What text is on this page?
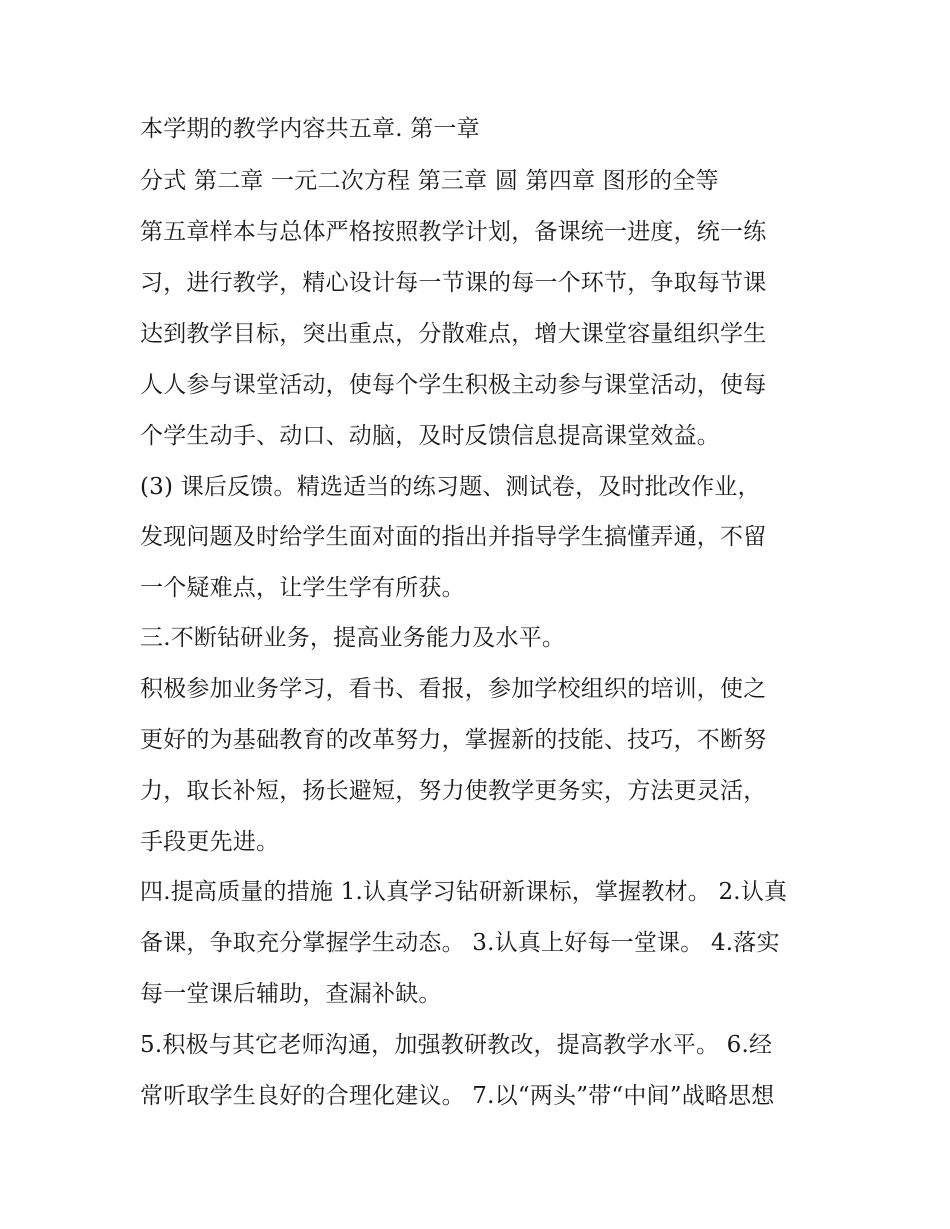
本学期的教学内容共五章. 第一章
分式 第二章 一元二次方程 第三章 圆 第四章 图形的全等
第五章样本与总体严格按照教学计划，备课统一进度，统一练
习，进行教学，精心设计每一节课的每一个环节，争取每节课
达到教学目标，突出重点，分散难点，增大课堂容量组织学生
人人参与课堂活动，使每个学生积极主动参与课堂活动，使每
个学生动手、动口、动脑，及时反馈信息提高课堂效益。
(3) 课后反馈。精选适当的练习题、测试卷，及时批改作业，
发现问题及时给学生面对面的指出并指导学生搞懂弄通，不留
一个疑难点，让学生学有所获。
三.不断钻研业务，提高业务能力及水平。
积极参加业务学习，看书、看报，参加学校组织的培训，使之
更好的为基础教育的改革努力，掌握新的技能、技巧，不断努
力，取长补短，扬长避短，努力使教学更务实，方法更灵活，
手段更先进。
四.提高质量的措施 1.认真学习钻研新课标，掌握教材。 2.认真
备课，争取充分掌握学生动态。 3.认真上好每一堂课。 4.落实
每一堂课后辅助，查漏补缺。
5.积极与其它老师沟通，加强教研教改，提高教学水平。 6.经
常听取学生良好的合理化建议。 7.以“两头”带“中间”战略思想
